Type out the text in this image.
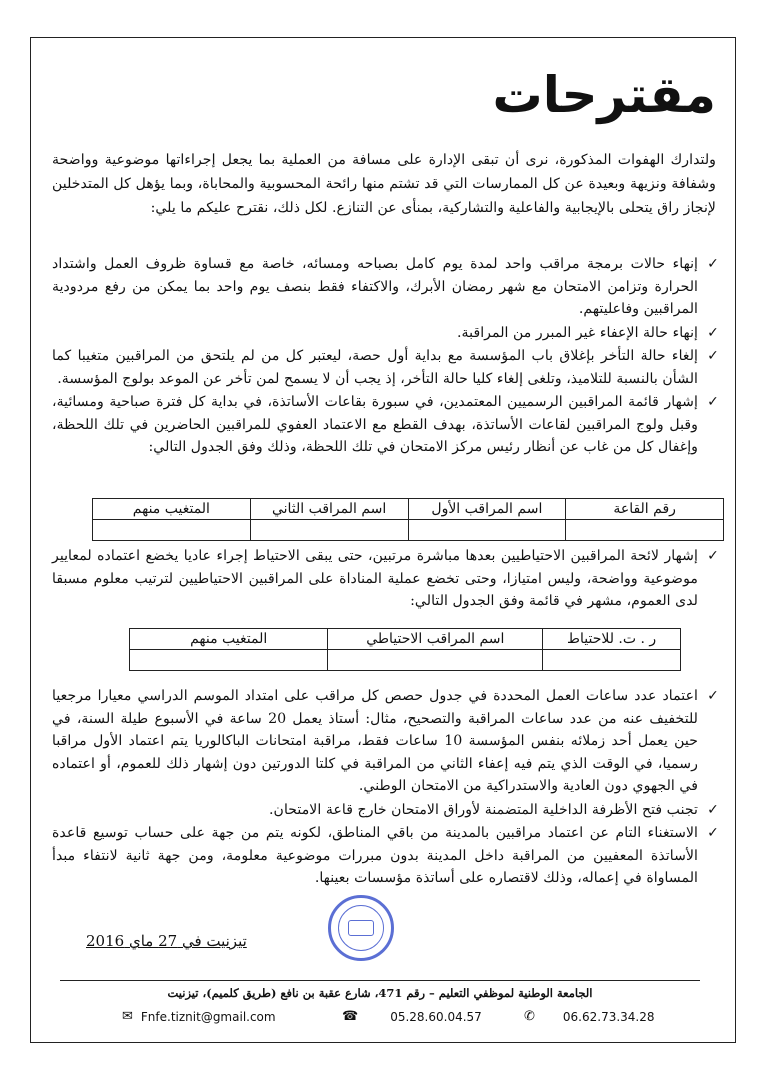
مقترحات

ولتدارك الهفوات المذكورة، نرى أن تبقى الإدارة على مسافة من العملية بما يجعل إجراءاتها موضوعية وواضحة وشفافة ونزيهة وبعيدة عن كل الممارسات التي قد تشتم منها رائحة المحسوبية والمحاباة، وبما يؤهل كل المتدخلين لإنجاز راق يتحلى بالإيجابية والفاعلية والتشاركية، بمنأى عن التنازع. لكل ذلك، نقترح عليكم ما يلي:

✓
إنهاء حالات برمجة مراقب واحد لمدة يوم كامل بصباحه ومسائه، خاصة مع قساوة ظروف العمل واشتداد الحرارة وتزامن الامتحان مع شهر رمضان الأبرك، والاكتفاء فقط بنصف يوم واحد بما يمكن من رفع مردودية المراقبين وفاعليتهم.
✓
إنهاء حالة الإعفاء غير المبرر من المراقبة.
✓
إلغاء حالة التأخر بإغلاق باب المؤسسة مع بداية أول حصة، ليعتبر كل من لم يلتحق من المراقبين متغيبا كما الشأن بالنسبة للتلاميذ، وتلغى إلغاء كليا حالة التأخر، إذ يجب أن لا يسمح لمن تأخر عن الموعد بولوج المؤسسة.
✓
إشهار قائمة المراقبين الرسميين المعتمدين، في سبورة بقاعات الأساتذة، في بداية كل فترة صباحية ومسائية، وقبل ولوج المراقبين لقاعات الأساتذة، بهدف القطع مع الاعتماد العفوي للمراقبين الحاضرين في تلك اللحظة، وإغفال كل من غاب عن أنظار رئيس مركز الامتحان في تلك اللحظة، وذلك وفق الجدول التالي:
رقم القاعة	اسم المراقب الأول	اسم المراقب الثاني	المتغيب منهم

✓
إشهار لائحة المراقبين الاحتياطيين بعدها مباشرة مرتبين، حتى يبقى الاحتياط إجراء عاديا يخضع اعتماده لمعايير موضوعية وواضحة، وليس امتيازا، وحتى تخضع عملية المناداة على المراقبين الاحتياطيين لترتيب معلوم مسبقا لدى العموم، مشهر في قائمة وفق الجدول التالي:
ر . ت. للاحتياط	اسم المراقب الاحتياطي	المتغيب منهم

✓
اعتماد عدد ساعات العمل المحددة في جدول حصص كل مراقب على امتداد الموسم الدراسي معيارا مرجعيا للتخفيف عنه من عدد ساعات المراقبة والتصحيح، مثال: أستاذ يعمل 20 ساعة في الأسبوع طيلة السنة، في حين يعمل أحد زملائه بنفس المؤسسة 10 ساعات فقط، مراقبة امتحانات الباكالوريا يتم اعتماد الأول مراقبا رسميا، في الوقت الذي يتم فيه إعفاء الثاني من المراقبة في كلتا الدورتين دون إشهار ذلك للعموم، أو اعتماده في الجهوي دون العادية والاستدراكية من الامتحان الوطني.
✓
تجنب فتح الأظرفة الداخلية المتضمنة لأوراق الامتحان خارج قاعة الامتحان.
✓
الاستغناء التام عن اعتماد مراقبين بالمدينة من باقي المناطق، لكونه يتم من جهة على حساب توسيع قاعدة الأساتذة المعفيين من المراقبة داخل المدينة بدون مبررات موضوعية معلومة، ومن جهة ثانية لانتفاء مبدأ المساواة في إعماله، وذلك لاقتصاره على أساتذة مؤسسات بعينها.

تيزنيت في 27 ماي 2016

الجامعة الوطنية لموظفي التعليم – رقم 471، شارع عقبة بن نافع (طريق كلميم)، تيزنيت

✉ Fnfe.tiznit@gmail.com	☎	05.28.60.04.57	✆ 06.62.73.34.28
